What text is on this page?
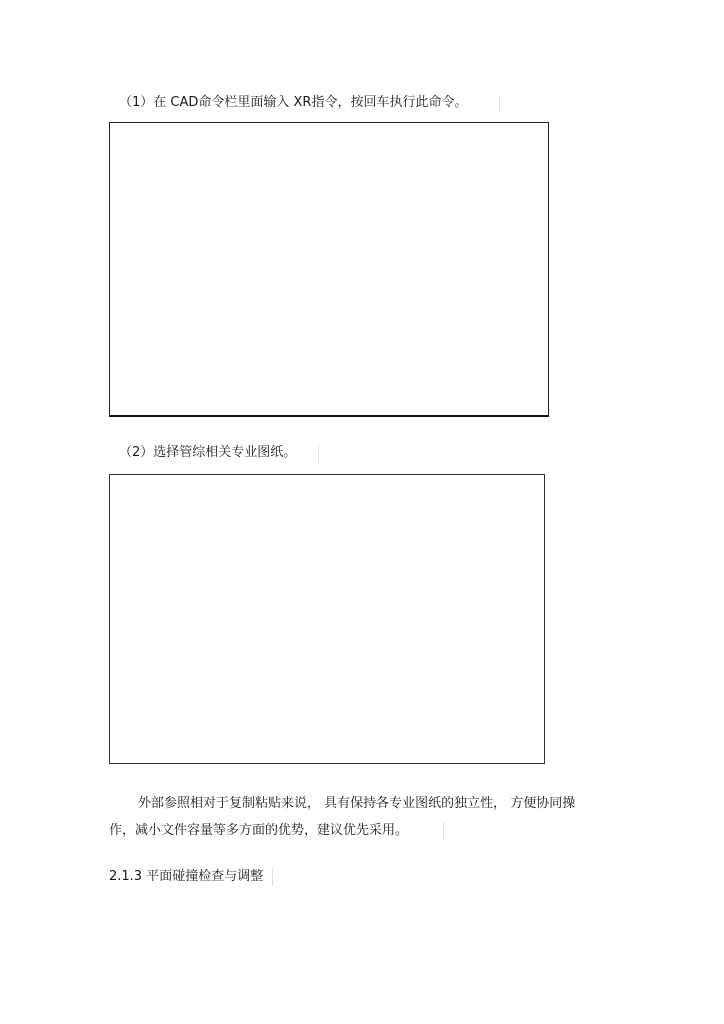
（1）在 CAD命令栏里面输入 XR指令，按回车执行此命令。
（2）选择管综相关专业图纸。
外部参照相对于复制粘贴来说， 具有保持各专业图纸的独立性， 方便协同操
作，减小文件容量等多方面的优势，建议优先采用。
2.1.3 平面碰撞检查与调整
